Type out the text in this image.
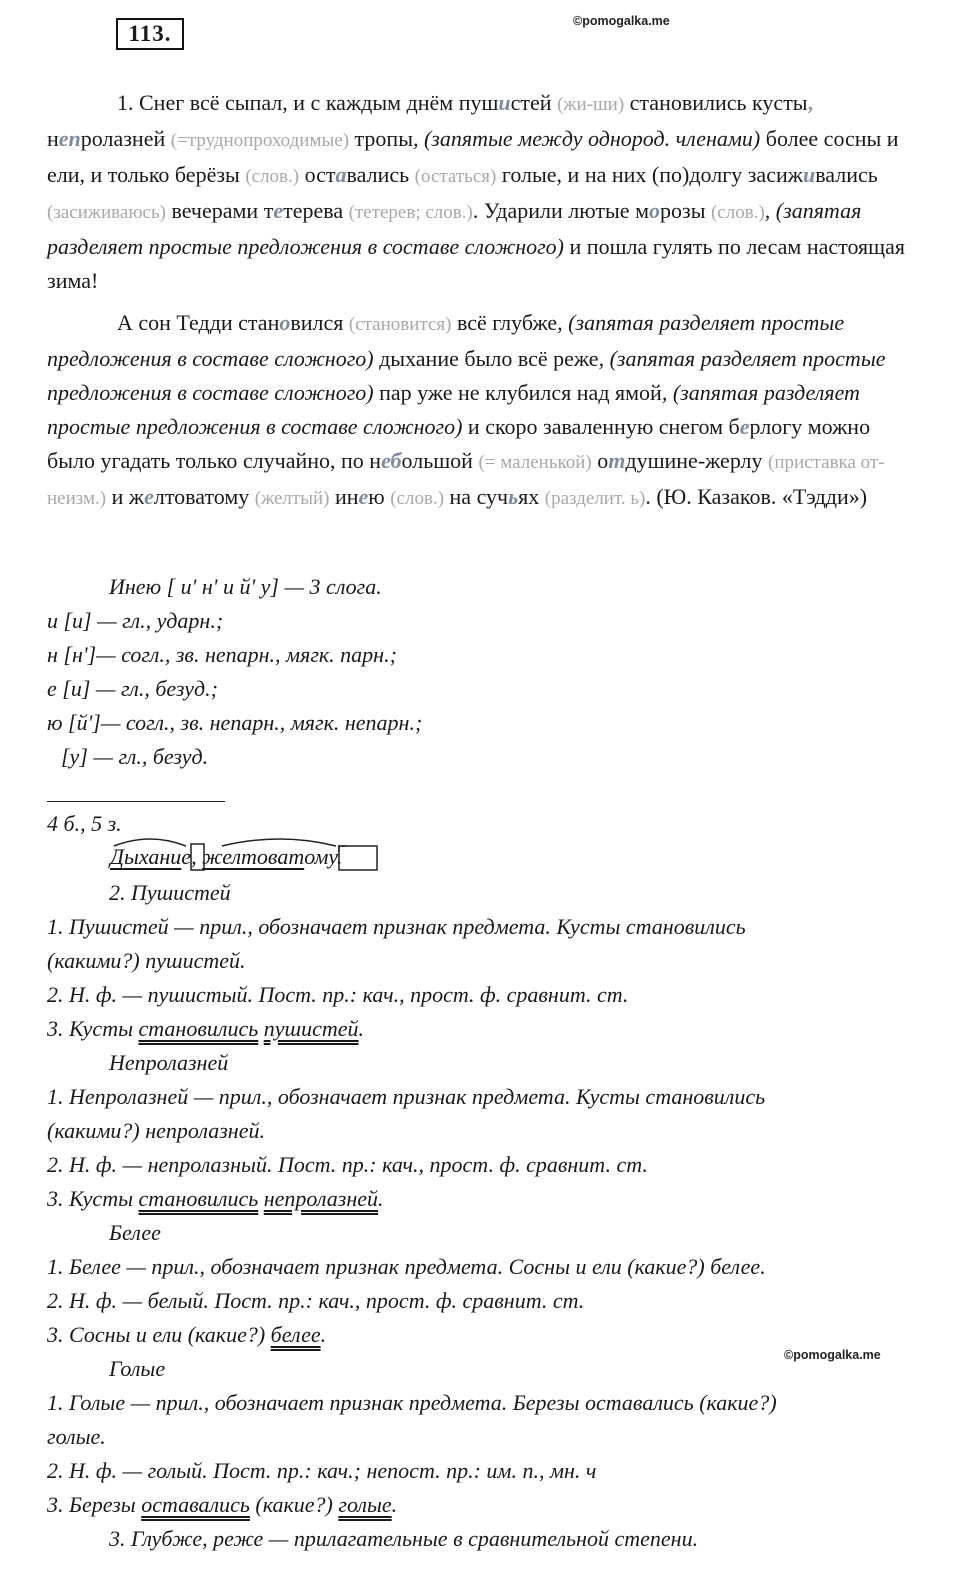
113.	©pomogalka.me

1. Снег всё сыпал, и с каждым днём пушистей (жи-ши) становились кусты, непролазней (=труднопроходимые) тропы, (запятые между однород. членами) более сосны и ели, и только берёзы (слов.) оставались (остаться) голые, и на них (по)долгу засиживались (засиживаюсь) вечерами тетерева (тетерев; слов.). Ударили лютые морозы (слов.), (запятая разделяет простые предложения в составе сложного) и пошла гулять по лесам настоящая зима!

А сон Тедди становился (становится) всё глубже, (запятая разделяет простые предложения в составе сложного) дыхание было всё реже, (запятая разделяет простые предложения в составе сложного) пар уже не клубился над ямой, (запятая разделяет простые предложения в составе сложного) и скоро заваленную снегом берлогу можно было угадать только случайно, по небольшой (= маленькой) отдушине-жерлу (приставка от- неизм.) и желтоватому (желтый) инею (слов.) на сучьях (разделит. ь). (Ю. Казаков. «Тэдди»)

Инею [ и' н' и й' у] — 3 слога.

и [и] — гл., ударн.;

н [н']— согл., зв. непарн., мягк. парн.;

е [и] — гл., безуд.;

ю [й']— согл., зв. непарн., мягк. непарн.;

[у] — гл., безуд.

4 б., 5 з.

Дыхание, желтоватому.

2. Пушистей

1. Пушистей — прил., обозначает признак предмета. Кусты становились

(какими?) пушистей.

2. Н. ф. — пушистый. Пост. пр.: кач., прост. ф. сравнит. ст.

3. Кусты становились пушистей.

Непролазней

1. Непролазней — прил., обозначает признак предмета. Кусты становились

(какими?) непролазней.

2. Н. ф. — непролазный. Пост. пр.: кач., прост. ф. сравнит. ст.

3. Кусты становились непролазней.

Белее

1. Белее — прил., обозначает признак предмета. Сосны и ели (какие?) белее.

2. Н. ф. — белый. Пост. пр.: кач., прост. ф. сравнит. ст.

3. Сосны и ели (какие?) белее.

Голые

1. Голые — прил., обозначает признак предмета. Березы оставались (какие?)

голые.

2. Н. ф. — голый. Пост. пр.: кач.; непост. пр.: им. п., мн. ч

3. Березы оставались (какие?) голые.

3. Глубже, реже — прилагательные в сравнительной степени.

©pomogalka.me
